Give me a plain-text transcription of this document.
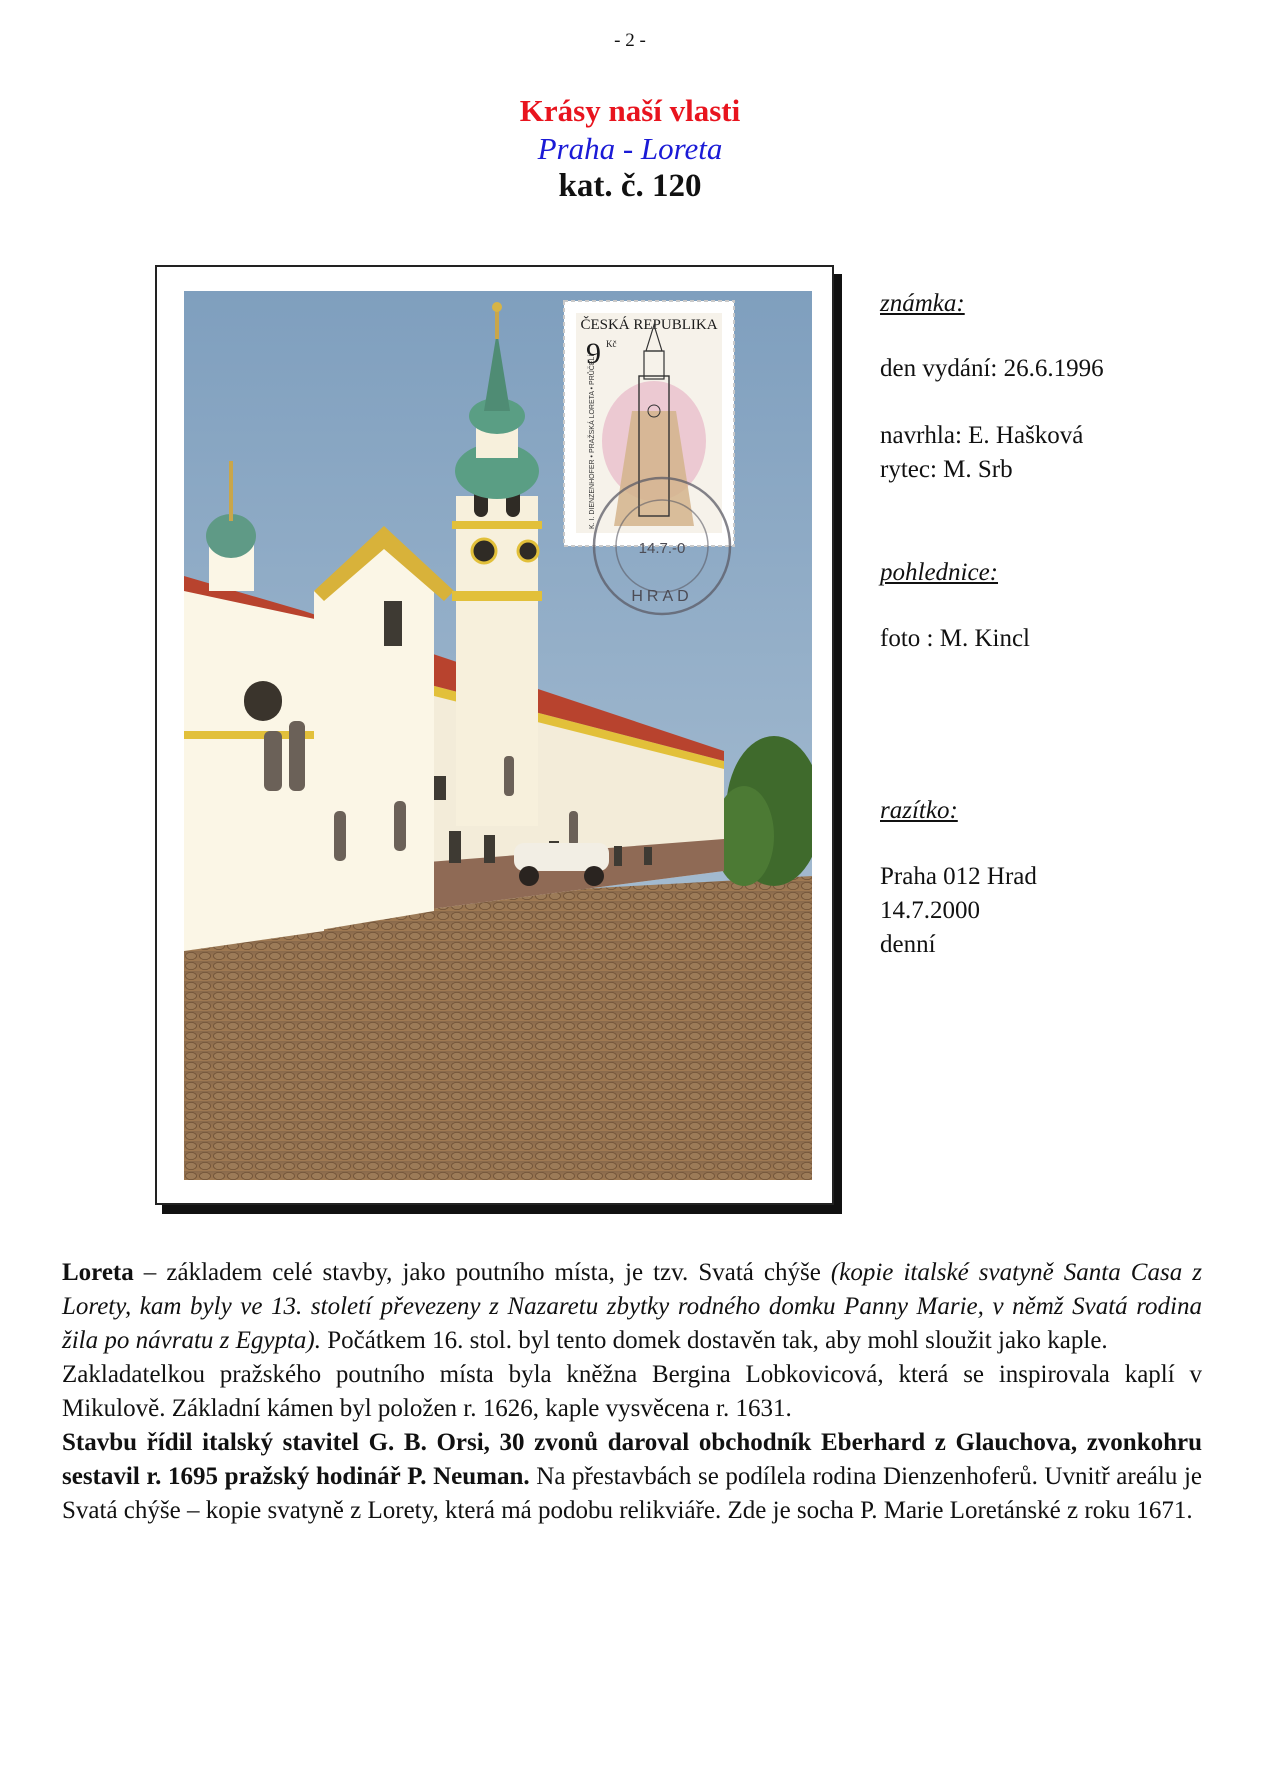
- 2 -
Krásy naší vlasti
Praha - Loreta
kat. č. 120
ČESKÁ REPUBLIKA
9 Kč
K. I. DIENZENHOFER • PRAŽSKÁ LORETA • PRŮČELÍ
14.7.-0
HRAD
známka:
den vydání: 26.6.1996
navrhla: E. Hašková
rytec: M. Srb
pohlednice:
foto : M. Kincl
razítko:
Praha 012 Hrad
14.7.2000
denní

Loreta – základem celé stavby, jako poutního místa, je tzv. Svatá chýše (kopie italské svatyně Santa Casa z Lorety, kam byly ve 13. století převezeny z Nazaretu zbytky rodného domku Panny Marie, v němž Svatá rodina žila po návratu z Egypta). Počátkem 16. stol. byl tento domek dostavěn tak, aby mohl sloužit jako kaple.

Zakladatelkou pražského poutního místa byla kněžna Bergina Lobkovicová, která se inspirovala kaplí v Mikulově. Základní kámen byl položen r. 1626, kaple vysvěcena r. 1631.

Stavbu řídil italský stavitel G. B. Orsi, 30 zvonů daroval obchodník Eberhard z Glauchova, zvonkohru sestavil r. 1695 pražský hodinář P. Neuman. Na přestavbách se podílela rodina Dienzenhoferů. Uvnitř areálu je Svatá chýše – kopie svatyně z Lorety, která má podobu relikviáře. Zde je socha P. Marie Loretánské z roku 1671.
